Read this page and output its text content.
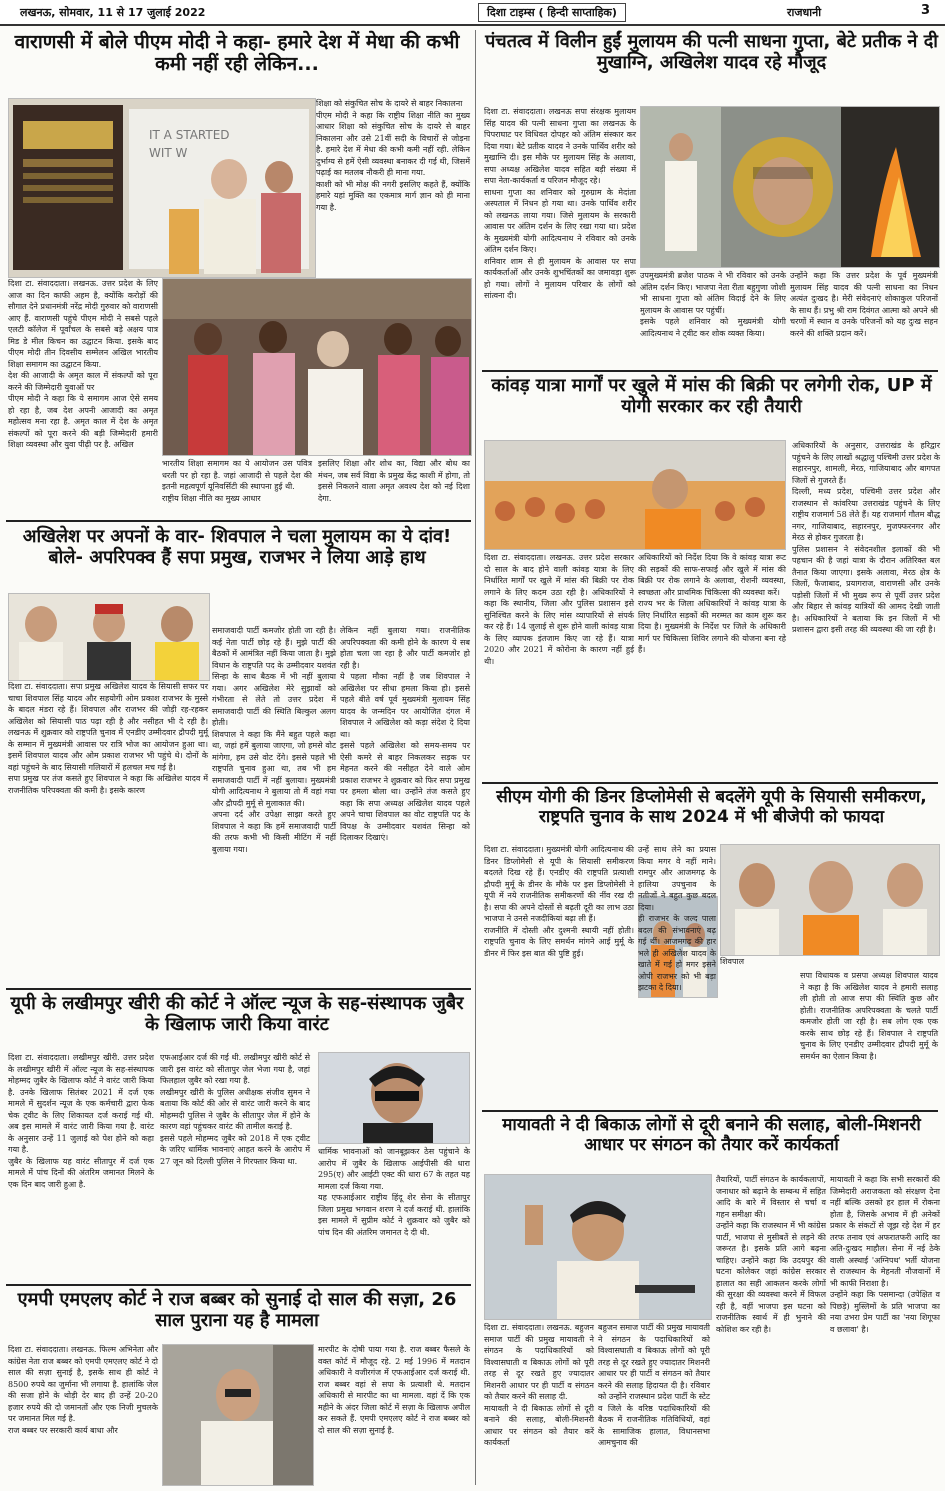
लखनऊ, सोमवार, 11 से 17 जुलाई 2022	दिशा टाइम्स ( हिन्दी साप्ताहिक)	राजधानी	3
वाराणसी में बोले पीएम मोदी ने कहा- हमारे देश में मेधा की कभी कमी नहीं रही लेकिन...
IT A STARTED
WIT W
शिक्षा को संकुचित सोच के दायरे से बाहर निकालना
पीएम मोदी ने कहा कि राष्ट्रीय शिक्षा नीति का मुख्य आधार शिक्षा को संकुचित सोच के दायरे से बाहर निकालना और उसे 21वीं सदी के विचारों से जोड़ना है. हमारे देश में मेधा की कभी कमी नहीं रही. लेकिन दुर्भाग्य से हमें ऐसी व्यवस्था बनाकर दी गई थी, जिसमें पढ़ाई का मतलब नौकरी ही माना गया.
काशी को भी मोक्ष की नगरी इसलिए कहते हैं, क्योंकि हमारे यहां मुक्ति का एकमात्र मार्ग ज्ञान को ही माना गया है.
दिशा टा. संवाददाता। लखनऊ. उत्तर प्रदेश के लिए आज का दिन काफी अहम है, क्योंकि करोड़ों की सौगात देने प्रधानमंत्री नरेंद्र मोदी गुरुवार को वाराणसी आए हैं. वाराणसी पहुंचे पीएम मोदी ने सबसे पहले एलटी कॉलेज में पूर्वांचल के सबसे बड़े अक्षय पात्र मिड डे मील किचन का उद्घाटन किया. इसके बाद पीएम मोदी तीन दिवसीय सम्मेलन अखिल भारतीय शिक्षा समागम का उद्घाटन किया.
देश की आजादी के अमृत काल में संकल्पों को पूरा करने की जिम्मेदारी युवाओं पर
पीएम मोदी ने कहा कि ये समागम आज ऐसे समय हो रहा है, जब देश अपनी आजादी का अमृत महोत्सव मना रहा है. अमृत काल में देश के अमृत संकल्पों को पूरा करने की बड़ी जिम्मेदारी हमारी शिक्षा व्यवस्था और युवा पीढ़ी पर है. अखिल
भारतीय शिक्षा समागम का ये आयोजन उस पवित्र धरती पर हो रहा है. जहां आजादी से पहले देश की इतनी महत्वपूर्ण यूनिवर्सिटी की स्थापना हुई थी.
राष्ट्रीय शिक्षा नीति का मुख्य आधार
इसलिए शिक्षा और शोध का, विद्या और बोध का मंथन, जब सर्व विद्या के प्रमुख केंद्र काशी में होगा, तो इससे निकलने वाला अमृत अवश्य देश को नई दिशा देगा.
अखिलेश पर अपनों के वार- शिवपाल ने चला मुलायम का ये दांव! बोले- अपरिपक्व हैं सपा प्रमुख, राजभर ने लिया आड़े हाथ
दिशा टा. संवाददाता। सपा प्रमुख अखिलेश यादव के सियासी सफर पर चाचा शिवपाल सिंह यादव और सहयोगी ओम प्रकाश राजभर के मुस्से के बादल मंडरा रहे हैं। शिवपाल और राजभर की जोड़ी रह-रहकर अखिलेश को सियासी पाठ पढ़ा रही है और नसीहत भी दे रही है। लखनऊ में शुक्रवार को राष्ट्रपति चुनाव में एनडीए उम्मीदवार द्रौपदी मुर्मू के सम्मान में मुख्यमंत्री आवास पर रात्रि भोज का आयोजन हुआ था। इसमें शिवपाल यादव और ओम प्रकाश राजभर भी पहुंचे थे। दोनों के वहां पहुंचने के बाद सियासी गलियारों में हलचल मच गई है।
सपा प्रमुख पर तंज कसते हुए शिवपाल ने कहा कि अखिलेश यादव में राजनीतिक परिपक्वता की कमी है। इसके कारण
समाजवादी पार्टी कमजोर होती जा रही है। कई नेता पार्टी छोड़ रहे हैं। मुझे पार्टी की बैठकों में आमंत्रित नहीं किया जाता है। मुझे विधान के राष्ट्रपति पद के उम्मीदवार यशवंत सिन्हा के साथ बैठक में भी नहीं बुलाया गया। अगर अखिलेश मेरे सुझावों को गंभीरता से लेते तो उत्तर प्रदेश में समाजवादी पार्टी की स्थिति बिल्कुल अलग होती।
शिवपाल ने कहा कि मैंने बहुत पहले कहा था, जहां हमें बुलाया जाएगा, जो हमसे वोट मांगेगा, हम उसे वोट देंगे। इससे पहले भी राष्ट्रपति चुनाव हुआ था, तब भी हम समाजवादी पार्टी में नहीं बुलाया। मुख्यमंत्री योगी आदित्यनाथ ने बुलाया तो मैं वहां गया और द्रौपदी मुर्मू से मुलाकात की।
अपना दर्द और उपेक्षा साझा करते हुए शिवपाल ने कहा कि हमें समाजवादी पार्टी की तरफ कभी भी किसी मीटिंग में नहीं बुलाया गया।
लेकिन नहीं बुलाया गया। राजनीतिक अपरिपक्वता की कमी होने के कारण ये सब होता चला जा रहा है और पार्टी कमजोर हो रही है।
ये पहला मौका नहीं है जब शिवपाल ने अखिलेश पर सीधा हमला किया हो। इससे पहले बीते वर्ष पूर्व मुख्यमंत्री मुलायम सिंह यादव के जन्मदिन पर आयोजित दंगल में शिवपाल ने अखिलेश को कड़ा संदेश दे दिया था।
इससे पहले अखिलेश को समय-समय पर ऐसी कमरे से बाहर निकलकर सड़क पर मेहनत करने की नसीहत देने वाले ओम प्रकाश राजभर ने शुक्रवार को फिर सपा प्रमुख पर हमला बोला था। उन्होंने तंज कसते हुए कहा कि सपा अध्यक्ष अखिलेश यादव पहले अपने चाचा शिवपाल का वोट राष्ट्रपति पद के विपक्ष के उम्मीदवार यशवंत सिन्हा को दिलाकर दिखाएं।
यूपी के लखीमपुर खीरी की कोर्ट ने ऑल्ट न्यूज के सह-संस्थापक जुबैर के खिलाफ जारी किया वारंट
दिशा टा. संवाददाता। लखीमपुर खीरी. उत्तर प्रदेश के लखीमपुर खीरी में ऑल्ट न्यूज के सह-संस्थापक मोहम्मद जुबैर के खिलाफ कोर्ट ने वारंट जारी किया है. उनके खिलाफ सितंबर 2021 में दर्ज एक मामले में सुदर्शन न्यूज के एक कर्मचारी द्वारा फेक चेक ट्वीट के लिए शिकायत दर्ज कराई गई थी. अब इस मामले में वारंट जारी किया गया है. वारंट के अनुसार उन्हें 11 जुलाई को पेश होने को कहा गया है.
जुबैर के खिलाफ यह वारंट सीतापुर में दर्ज एक मामले में पांच दिनों की अंतरिम जमानत मिलने के एक दिन बाद जारी हुआ है.
एफआईआर दर्ज की गई थी. लखीमपुर खीरी कोर्ट से जारी इस वारंट को सीतापुर जेल भेजा गया है, जहां फिलहाल जुबैर को रखा गया है.
लखीमपुर खीरी के पुलिस अधीक्षक संजीव सुमन ने बताया कि कोर्ट की ओर से वारंट जारी करने के बाद मोहम्मदी पुलिस ने जुबैर के सीतापुर जेल में होने के कारण वहां पहुंचकर वारंट की तामील कराई है.
इससे पहले मोहम्मद जुबैर को 2018 में एक ट्वीट के जरिए धार्मिक भावनाएं आहत करने के आरोप में 27 जून को दिल्ली पुलिस ने गिरफ्तार किया था.
धार्मिक भावनाओं को जानबूझकर ठेस पहुंचाने के आरोप में जुबैर के खिलाफ आईपीसी की धारा 295(ए) और आईटी एक्ट की धारा 67 के तहत यह मामला दर्ज किया गया.
यह एफआईआर राष्ट्रीय हिंदू शेर सेना के सीतापुर जिला प्रमुख भगवान शरण ने दर्ज कराई थी. हालांकि इस मामले में सुप्रीम कोर्ट ने शुक्रवार को जुबैर को पांच दिन की अंतरिम जमानत दे दी थी.
एमपी एमएलए कोर्ट ने राज बब्बर को सुनाई दो साल की सज़ा, 26 साल पुराना यह है मामला
दिशा टा. संवाददाता। लखनऊ. फिल्म अभिनेता और कांग्रेस नेता राज बब्बर को एमपी एमएलए कोर्ट ने दो साल की सज़ा सुनाई है, इसके साथ ही कोर्ट ने 8500 रुपये का जुर्माना भी लगाया है. हालांकि जेल की सजा होने के थोड़ी देर बाद ही उन्हें 20-20 हजार रुपये की दो जमानतों और एक निजी मुचलके पर जमानत मिल गई है.
राज बब्बर पर सरकारी कार्य बाधा और
मारपीट के दोषी पाया गया है. राज बब्बर फैसले के वक्त कोर्ट में मौजूद रहे. 2 मई 1996 में मतदान अधिकारी ने वजीरगंज में एफआईआर दर्ज कराई थी. राज बब्बर वहां से सपा के प्रत्याशी थे. मतदान अधिकारी से मारपीट का था मामला. वहां दें कि एक महीने के अंदर जिला कोर्ट में सज़ा के खिलाफ अपील कर सकते हैं. एमपी एमएलए कोर्ट ने राज बब्बर को दो साल की सज़ा सुनाई है.
पंचतत्व में विलीन हुईं मुलायम की पत्नी साधना गुप्ता, बेटे प्रतीक ने दी मुखाग्नि, अखिलेश यादव रहे मौजूद
दिशा टा. संवाददाता। लखनऊ सपा संरक्षक मुलायम सिंह यादव की पत्नी साधना गुप्ता का लखनऊ के पिपराघाट पर विधिवत दोपहर को अंतिम संस्कार कर दिया गया। बेटे प्रतीक यादव ने उनके पार्थिव शरीर को मुखाग्नि दी। इस मौके पर मुलायम सिंह के अलावा, सपा अध्यक्ष अखिलेश यादव सहित बड़ी संख्या में सपा नेता-कार्यकर्ता व परिजन मौजूद रहे।
साधना गुप्ता का शनिवार को गुरुग्राम के मेदांता अस्पताल में निधन हो गया था। उनके पार्थिव शरीर को लखनऊ लाया गया। जिसे मुलायम के सरकारी आवास पर अंतिम दर्शन के लिए रखा गया था। प्रदेश के मुख्यमंत्री योगी आदित्यनाथ ने रविवार को उनके अंतिम दर्शन किए।
शनिवार शाम से ही मुलायम के आवास पर सपा कार्यकर्ताओं और उनके शुभचिंतकों का जमावड़ा शुरू हो गया। लोगों ने मुलायम परिवार के लोगों को सांत्वना दी।
उपमुख्यमंत्री ब्रजेश पाठक ने भी रविवार को उनके अंतिम दर्शन किए। भाजपा नेता रीता बहुगुणा जोशी भी साधना गुप्ता को अंतिम विदाई देने के लिए मुलायम के आवास पर पहुंचीं।
इसके पहले शनिवार को मुख्यमंत्री योगी आदित्यनाथ ने ट्वीट कर शोक व्यक्त किया।
उन्होंने कहा कि उत्तर प्रदेश के पूर्व मुख्यमंत्री मुलायम सिंह यादव की पत्नी साधना का निधन अत्यंत दुःखद है। मेरी संवेदनाएं शोकाकुल परिजनों के साथ हैं। प्रभु श्री राम दिवंगत आत्मा को अपने श्री चरणों में स्थान व उनके परिजनों को यह दुःख सहन करने की शक्ति प्रदान करें।
कांवड़ यात्रा मार्गों पर खुले में मांस की बिक्री पर लगेगी रोक, UP में योगी सरकार कर रही तैयारी
दिशा टा. संवाददाता। लखनऊ. उत्तर प्रदेश सरकार दो साल के बाद होने वाली कांवड़ यात्रा के लिए निर्धारित मार्गों पर खुले में मांस की बिक्री पर रोक लगाने के लिए कदम उठा रही है। अधिकारियों ने कहा कि स्थानीय, जिला और पुलिस प्रशासन इसे सुनिश्चित करने के लिए मांस व्यापारियों से संपर्क कर रहे हैं। 14 जुलाई से शुरू होने वाली कांवड़ यात्रा के लिए व्यापक इंतजाम किए जा रहे हैं। यात्रा 2020 और 2021 में कोरोना के कारण नहीं हुई थी।
अधिकारियों को निर्देश दिया कि वे कांवड़ यात्रा रूट की सड़कों की साफ-सफाई और खुले में मांस की बिक्री पर रोक लगाने के अलावा, रोशनी व्यवस्था, स्वच्छता और प्राथमिक चिकित्सा की व्यवस्था करें।
राज्य भर के जिला अधिकारियों ने कांवड़ यात्रा के लिए निर्धारित सड़कों की मरम्मत का काम शुरू कर दिया है। मुख्यमंत्री के निर्देश पर जिले के अधिकारी मार्ग पर चिकित्सा शिविर लगाने की योजना बना रहे हैं।
अधिकारियों के अनुसार, उत्तराखंड के हरिद्वार पहुंचने के लिए लाखों श्रद्धालु पश्चिमी उत्तर प्रदेश के सहारनपुर, शामली, मेरठ, गाजियाबाद और बागपत जिलों से गुजरते हैं।
दिल्ली, मध्य प्रदेश, पश्चिमी उत्तर प्रदेश और राजस्थान से कांवरिया उत्तराखंड पहुंचने के लिए राष्ट्रीय राजमार्ग 58 लेते हैं। यह राजमार्ग गौतम बौद्ध नगर, गाजियाबाद, सहारनपुर, मुजफ्फरनगर और मेरठ से होकर गुजरता है।
पुलिस प्रशासन ने संवेदनशील इलाकों की भी पहचान की है जहां यात्रा के दौरान अतिरिक्त बल तैनात किया जाएगा। इसके अलावा, मेरठ क्षेत्र के जिलों, फैजाबाद, प्रयागराज, वाराणसी और उनके पड़ोसी जिलों में भी मुख्य रूप से पूर्वी उत्तर प्रदेश और बिहार से कांवड़ यात्रियों की आमद देखी जाती है। अधिकारियों ने बताया कि इन जिलों में भी प्रशासन द्वारा इसी तरह की व्यवस्था की जा रही है।
सीएम योगी की डिनर डिप्लोमेसी से बदलेंगे यूपी के सियासी समीकरण, राष्ट्रपति चुनाव के साथ 2024 में भी बीजेपी को फायदा
दिशा टा. संवाददाता। मुख्यमंत्री योगी आदित्यनाथ की डिनर डिप्लोमेसी से यूपी के सियासी समीकरण बदलते दिख रहे हैं। एनडीए की राष्ट्रपति प्रत्याशी द्रौपदी मुर्मू के डीनर के मौके पर इस डिप्लोमेसी ने यूपी में नये राजनीतिक समीकरणों की नींव रख दी है। सपा की अपने दोस्तों से बढ़ती दूरी का लाभ उठा भाजपा ने उनसे नजदीकियां बढ़ा ली हैं।
राजनीति में दोस्ती और दुश्मनी स्थायी नहीं होती। राष्ट्रपति चुनाव के लिए समर्थन मांगने आई मुर्मू के डीनर में फिर इस बात की पुष्टि हुई।
उन्हें साथ लेने का प्रयास किया मगर वे नहीं माने। रामपुर और आजमगढ़ के हालिया उपचुनाव के नतीजों ने बहुत कुछ बदल दिया।
ही राजभर के जल्द पाला बदल की संभावनाएं बढ़ गई थीं। आजमगढ़ की हार भले ही अखिलेश यादव के खाते में गई हो मगर इसने ओपी राजभर को भी बड़ा झटका दे दिया।
शिवपाल
सपा विधायक व प्रसपा अध्यक्ष शिवपाल यादव ने कहा है कि अखिलेश यादव ने हमारी सलाह ली होती तो आज सपा की स्थिति कुछ और होती। राजनीतिक अपरिपक्वता के चलते पार्टी कमजोर होती जा रही है। सब लोग एक एक करके साथ छोड़ रहे हैं। शिवपाल ने राष्ट्रपति चुनाव के लिए एनडीए उम्मीदवार द्रौपदी मुर्मू के समर्थन का ऐलान किया है।
मायावती ने दी बिकाऊ लोगों से दूरी बनाने की सलाह, बोली-मिशनरी आधार पर संगठन को तैयार करें कार्यकर्ता
दिशा टा. संवाददाता। लखनऊ. बहुजन समाज पार्टी की प्रमुख मायावती ने संगठन के पदाधिकारियों को विश्वासघाती व बिकाऊ लोगों को पूरी तरह से दूर रखते हुए ज्यादातर मिशनरी आधार पर ही पार्टी व संगठन को तैयार करने की सलाह दी.
मायावती ने दी बिकाऊ लोगों से दूरी बनाने की सलाह, बोली-मिशनरी आधार पर संगठन को तैयार करें कार्यकर्ता
बहुजन समाज पार्टी की प्रमुख मायावती ने संगठन के पदाधिकारियों को विश्वासघाती व बिकाऊ लोगों को पूरी तरह से दूर रखते हुए ज्यादातर मिशनरी आधार पर ही पार्टी व संगठन को तैयार करने की सलाह हिदायत दी है। रविवार को उन्होंने राजस्थान प्रदेश पार्टी के स्टेट व जिले के वरिष्ठ पदाधिकारियों की बैठक में राजनीतिक गतिविधियों, वहां के सामाजिक हालात, विधानसभा आमचुनाव की
तैयारियों, पार्टी संगठन के कार्यकलापों, जनाधार को बढ़ाने के सम्बन्ध में सहित आदि के बारे में विस्तार से चर्चा व गहन समीक्षा की।
उन्होंने कहा कि राजस्थान में भी कांग्रेस पार्टी, भाजपा से मुसीबतें से लड़ने की जरूरत है। इसके प्रति आगे बढ़ना चाहिए। उन्होंने कहा कि उदयपुर की घटना कोलेकर जहां कांग्रेस सरकार हालात का सही आकलन करके लोगों की सुरक्षा की व्यवस्था करने में विफल रही है, वहीं भाजपा इस घटना को राजनीतिक स्वार्थ में ही भुनाने की कोशिश कर रही है।
मायावती ने कहा कि सभी सरकारों की जिम्मेदारी अराजकता को संरक्षण देना नहीं बल्कि उसको हर हाल में रोकना होता है, जिसके अभाव में ही अनेकों प्रकार के संकटों से जूझ रहे देश में हर तरफ तनाव एवं अफरातफरी आदि का अति-दुःखद माहौल। सेना में नई ठेके वाली अस्थाई 'अग्निपथ' भर्ती योजना से राजस्थान के मेहनती नौजवानों में भी काफी निराशा है।
उन्होंने कहा कि पसमान्दा (उपेक्षित व पिछड़े) मुस्लिमों के प्रति भाजपा का नया उभरा प्रेम पार्टी का 'नया शिगूफा व छलावा' है।
